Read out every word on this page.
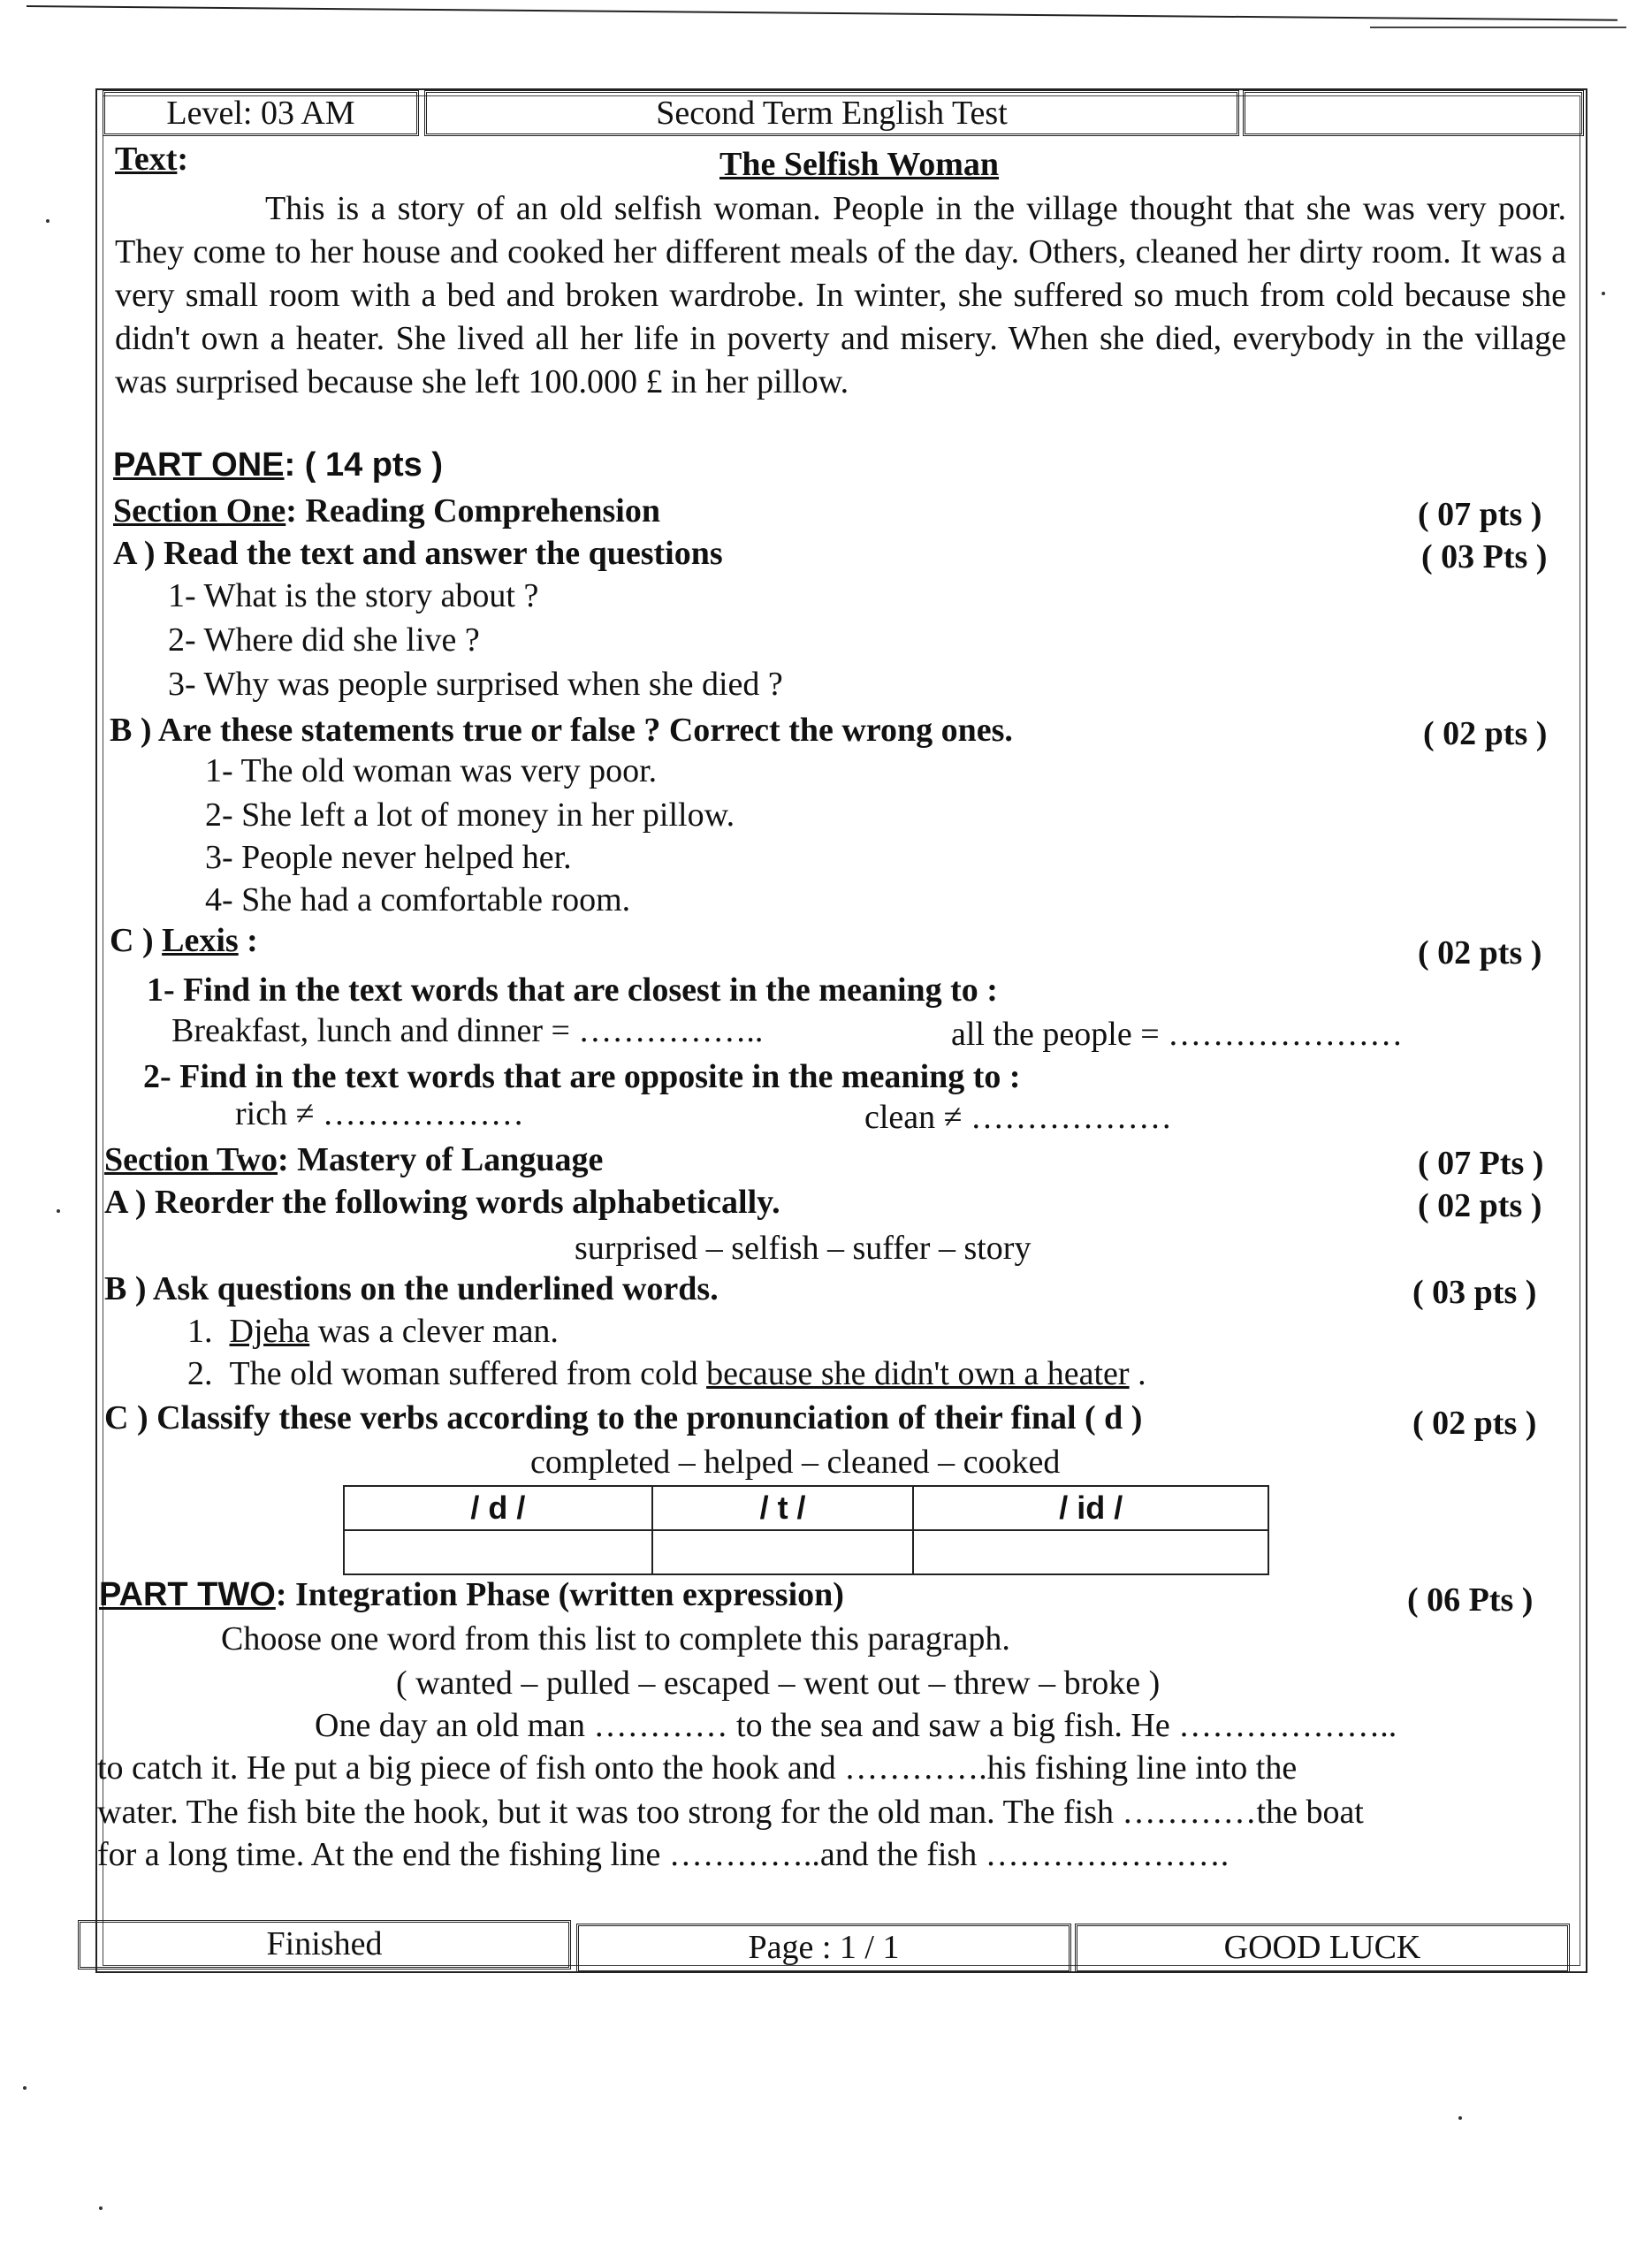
Level: 03 AM	Second Term English Test
Text:	The Selfish Woman
This is a story of an old selfish woman. People in the village thought that she was very poor. They come to her house and cooked her different meals of the day. Others, cleaned her dirty room. It was a very small room with a bed and broken wardrobe. In winter, she suffered so much from cold because she didn't own a heater. She lived all her life in poverty and misery. When she died, everybody in the village was surprised because she left 100.000 £ in her pillow.
PART ONE: ( 14 pts )
Section One: Reading Comprehension	( 07 pts )
A ) Read the text and answer the questions	( 03 Pts )
1- What is the story about ?
2- Where did she live ?
3- Why was people surprised when she died ?
B ) Are these statements true or false ? Correct the wrong ones.	( 02 pts )
1- The old woman was very poor.
2- She left a lot of money in her pillow.
3- People never helped her.
4- She had a comfortable room.
C ) Lexis :	( 02 pts )
1- Find in the text words that are closest in the meaning to :
Breakfast, lunch and dinner = ……………..	all the people = …………………
2- Find in the text words that are opposite in the meaning to :
rich ≠ ………………	clean ≠ ………………
Section Two: Mastery of Language	( 07 Pts )
A ) Reorder the following words alphabetically.	( 02 pts )
surprised – selfish – suffer – story
B ) Ask questions on the underlined words.	( 03 pts )
1. Djeha was a clever man.
2. The old woman suffered from cold because she didn't own a heater .
C ) Classify these verbs according to the pronunciation of their final ( d )	( 02 pts )
completed – helped – cleaned – cooked
/ d /	/ t /	/ id /

PART TWO: Integration Phase (written expression)	( 06 Pts )
Choose one word from this list to complete this paragraph.
( wanted – pulled – escaped – went out – threw – broke )
One day an old man ………… to the sea and saw a big fish. He ………………..
to catch it. He put a big piece of fish onto the hook and ………….his fishing line into the
water. The fish bite the hook, but it was too strong for the old man. The fish …………the boat
for a long time. At the end the fishing line …………..and the fish ………………….
Finished	Page : 1 / 1	GOOD LUCK
